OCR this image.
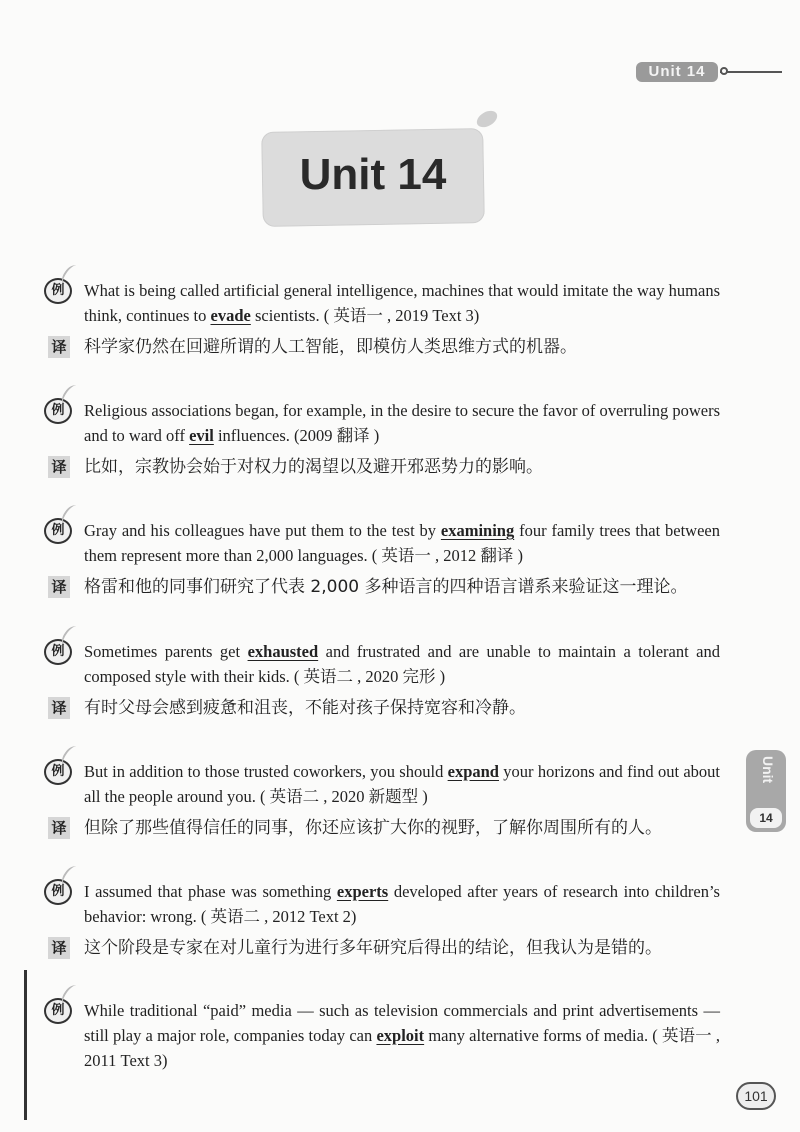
Unit 14
Unit 14
Unit
14
例	What is being called artificial general intelligence, machines that would imitate the way humans think, continues to evade scientists. ( 英语一 , 2019 Text 3)

译 科学家仍然在回避所谓的人工智能，即模仿人类思维方式的机器。

例	Religious associations began, for example, in the desire to secure the favor of overruling powers and to ward off evil influences. (2009 翻译 )

译 比如，宗教协会始于对权力的渴望以及避开邪恶势力的影响。

例	Gray and his colleagues have put them to the test by examining four family trees that between them represent more than 2,000 languages. ( 英语一 , 2012 翻译 )

译 格雷和他的同事们研究了代表 2,000 多种语言的四种语言谱系来验证这一理论。

例	Sometimes parents get exhausted and frustrated and are unable to maintain a tolerant and composed style with their kids. ( 英语二 , 2020 完形 )

译 有时父母会感到疲惫和沮丧，不能对孩子保持宽容和冷静。

例	But in addition to those trusted coworkers, you should expand your horizons and find out about all the people around you. ( 英语二 , 2020 新题型 )

译 但除了那些值得信任的同事，你还应该扩大你的视野，了解你周围所有的人。

例	I assumed that phase was something experts developed after years of research into children’s behavior: wrong. ( 英语二 , 2012 Text 2)

译 这个阶段是专家在对儿童行为进行多年研究后得出的结论，但我认为是错的。

例	While traditional “paid” media — such as television commercials and print advertisements — still play a major role, companies today can exploit many alternative forms of media. ( 英语一 , 2011 Text 3)

101
